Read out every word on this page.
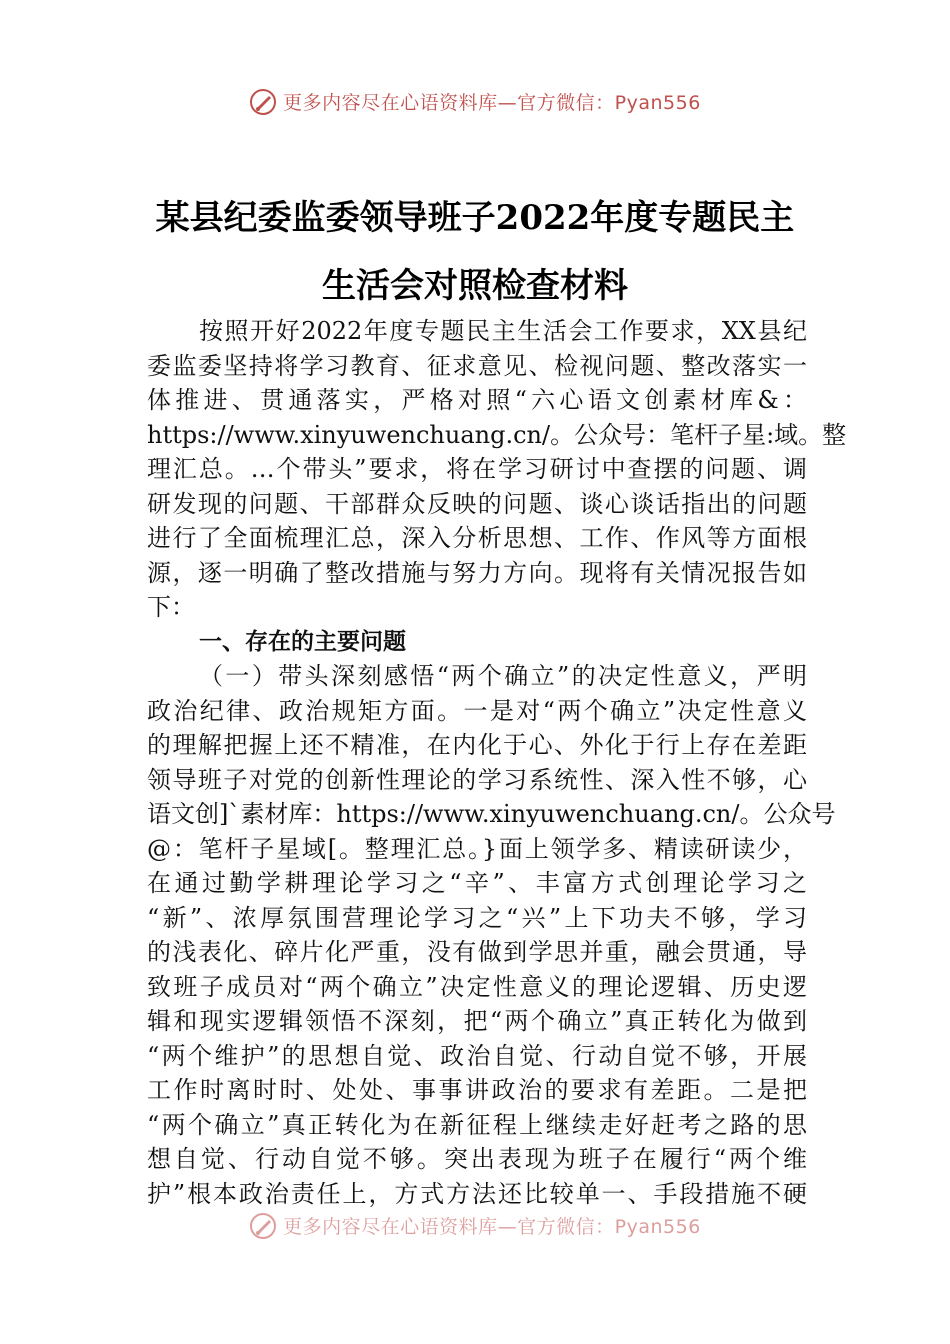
更多内容尽在心语资料库—官方微信：Pyan556
某县纪委监委领导班子2022年度专题民主
生活会对照检查材料
按照开好2022年度专题民主生活会工作要求，XX县纪
委监委坚持将学习教育、征求意见、检视问题、整改落实一
体推进、贯通落实，严格对照“六心语文创素材库&：
https://www.xinyuwenchuang.cn/。公众号：笔杆子星:域。整
理汇总。…个带头”要求，将在学习研讨中查摆的问题、调
研发现的问题、干部群众反映的问题、谈心谈话指出的问题
进行了全面梳理汇总，深入分析思想、工作、作风等方面根
源，逐一明确了整改措施与努力方向。现将有关情况报告如
下：
一、存在的主要问题
（一）带头深刻感悟“两个确立”的决定性意义，严明
政治纪律、政治规矩方面。一是对“两个确立”决定性意义
的理解把握上还不精准，在内化于心、外化于行上存在差距
领导班子对党的创新性理论的学习系统性、深入性不够，心
语文创]`素材库：https://www.xinyuwenchuang.cn/。公众号
@：笔杆子星域[。整理汇总。}面上领学多、精读研读少，
在通过勤学耕理论学习之“辛”、丰富方式创理论学习之
“新”、浓厚氛围营理论学习之“兴”上下功夫不够，学习
的浅表化、碎片化严重，没有做到学思并重，融会贯通，导
致班子成员对“两个确立”决定性意义的理论逻辑、历史逻
辑和现实逻辑领悟不深刻，把“两个确立”真正转化为做到
“两个维护”的思想自觉、政治自觉、行动自觉不够，开展
工作时离时时、处处、事事讲政治的要求有差距。二是把
“两个确立”真正转化为在新征程上继续走好赶考之路的思
想自觉、行动自觉不够。突出表现为班子在履行“两个维
护”根本政治责任上，方式方法还比较单一、手段措施不硬
更多内容尽在心语资料库—官方微信：Pyan556
